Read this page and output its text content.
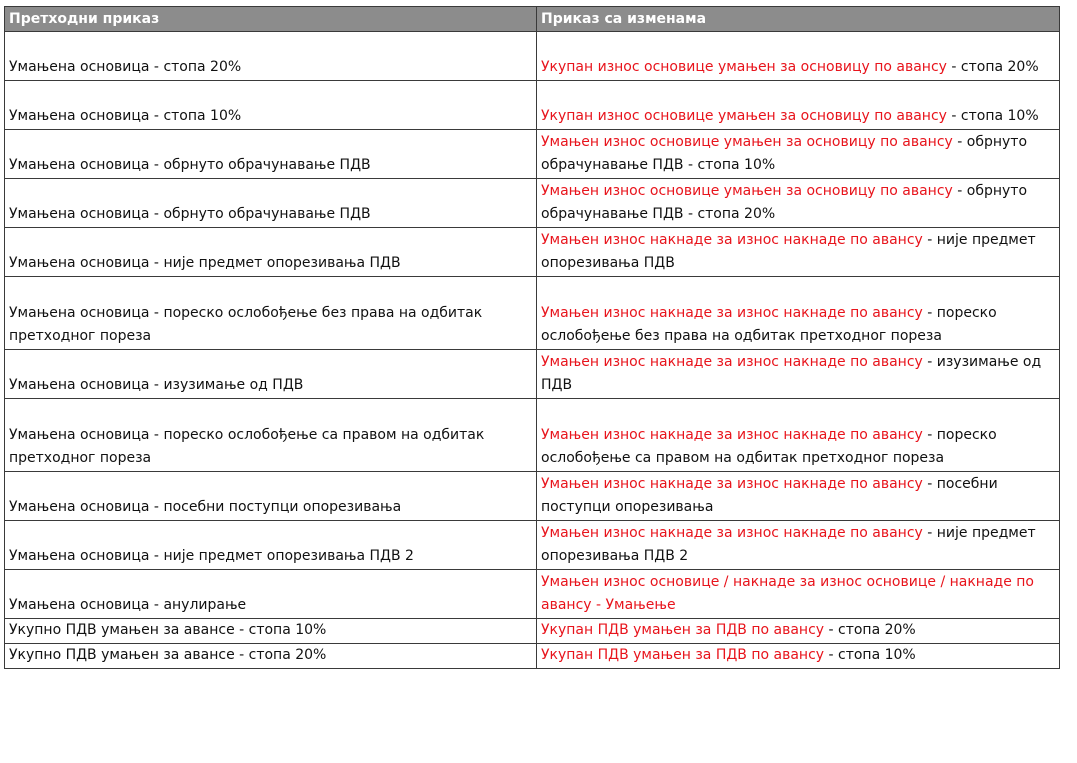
Претходни приказ	Приказ са изменама
Умањена основица - стопа 20%	Укупан износ основице умањен за основицу по авансу - стопа 20%
Умањена основица - стопа 10%	Укупан износ основице умањен за основицу по авансу - стопа 10%
Умањена основица - обрнуто обрачунавање ПДВ	Умањен износ основице умањен за основицу по авансу - обрнуто обрачунавање ПДВ - стопа 10%
Умањена основица - обрнуто обрачунавање ПДВ	Умањен износ основице умањен за основицу по авансу - обрнуто обрачунавање ПДВ - стопа 20%
Умањена основица - није предмет опорезивања ПДВ	Умањен износ накнаде за износ накнаде по авансу - није предмет опорезивања ПДВ
Умањена основица - пореско ослобођење без права на одбитак претходног пореза	Умањен износ накнаде за износ накнаде по авансу - пореско ослобођење без права на одбитак претходног пореза
Умањена основица - изузимање од ПДВ	Умањен износ накнаде за износ накнаде по авансу - изузимање од ПДВ
Умањена основица - пореско ослобођење са правом на одбитак претходног пореза	Умањен износ накнаде за износ накнаде по авансу - пореско ослобођење са правом на одбитак претходног пореза
Умањена основица - посебни поступци опорезивања	Умањен износ накнаде за износ накнаде по авансу - посебни поступци опорезивања
Умањена основица - није предмет опорезивања ПДВ 2	Умањен износ накнаде за износ накнаде по авансу - није предмет опорезивања ПДВ 2
Умањена основица - анулирање	Умањен износ основице / накнаде за износ основице / накнаде по авансу - Умањење
Укупно ПДВ умањен за авансе - стопа 10%	Укупан ПДВ умањен за ПДВ по авансу - стопа 20%
Укупно ПДВ умањен за авансе - стопа 20%	Укупан ПДВ умањен за ПДВ по авансу - стопа 10%
